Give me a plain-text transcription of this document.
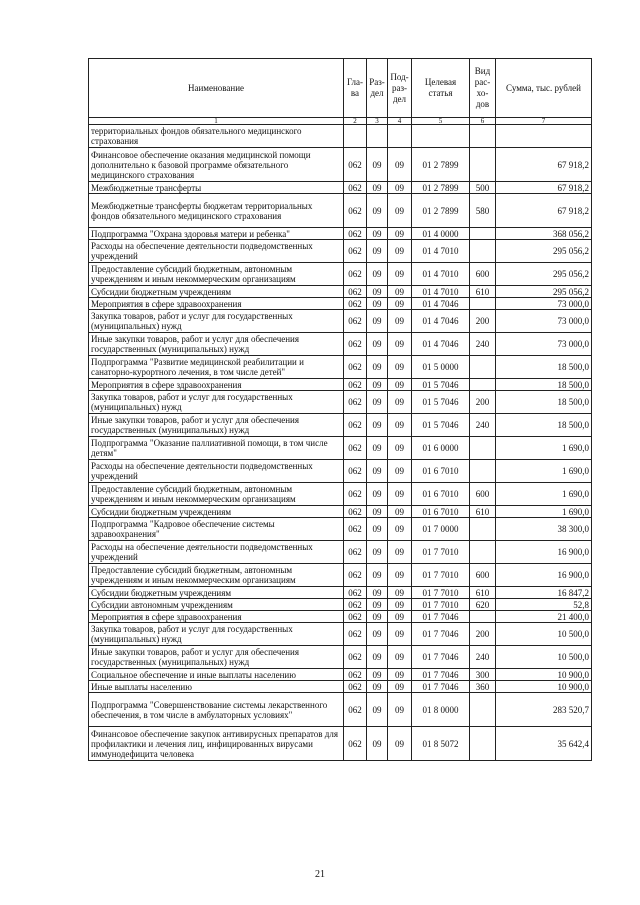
Наименование	Гла-ва	Раз-дел	Под-раз-дел	Целевая статья	Вид рас-хо-дов	Сумма, тыс. рублей
1	2	3	4	5	6	7
территориальных фондов обязательного медицинского страхования						
Финансовое обеспечение оказания медицинской помощи дополнительно к базовой программе обязательного медицинского страхования	062	09	09	01 2 7899		67 918,2
Межбюджетные трансферты	062	09	09	01 2 7899	500	67 918,2
Межбюджетные трансферты бюджетам территориальных фондов обязательного медицинского страхования	062	09	09	01 2 7899	580	67 918,2
Подпрограмма "Охрана здоровья матери и ребенка"	062	09	09	01 4 0000		368 056,2
Расходы на обеспечение деятельности подведомственных учреждений	062	09	09	01 4 7010		295 056,2
Предоставление субсидий бюджетным, автономным учреждениям и иным некоммерческим организациям	062	09	09	01 4 7010	600	295 056,2
Субсидии бюджетным учреждениям	062	09	09	01 4 7010	610	295 056,2
Мероприятия в сфере здравоохранения	062	09	09	01 4 7046		73 000,0
Закупка товаров, работ и услуг для государственных (муниципальных) нужд	062	09	09	01 4 7046	200	73 000,0
Иные закупки товаров, работ и услуг для обеспечения государственных (муниципальных) нужд	062	09	09	01 4 7046	240	73 000,0
Подпрограмма "Развитие медицинской реабилитации и санаторно-курортного лечения, в том числе детей"	062	09	09	01 5 0000		18 500,0
Мероприятия в сфере здравоохранения	062	09	09	01 5 7046		18 500,0
Закупка товаров, работ и услуг для государственных (муниципальных) нужд	062	09	09	01 5 7046	200	18 500,0
Иные закупки товаров, работ и услуг для обеспечения государственных (муниципальных) нужд	062	09	09	01 5 7046	240	18 500,0
Подпрограмма "Оказание паллиативной помощи, в том числе детям"	062	09	09	01 6 0000		1 690,0
Расходы на обеспечение деятельности подведомственных учреждений	062	09	09	01 6 7010		1 690,0
Предоставление субсидий бюджетным, автономным учреждениям и иным некоммерческим организациям	062	09	09	01 6 7010	600	1 690,0
Субсидии бюджетным учреждениям	062	09	09	01 6 7010	610	1 690,0
Подпрограмма "Кадровое обеспечение системы здравоохранения"	062	09	09	01 7 0000		38 300,0
Расходы на обеспечение деятельности подведомственных учреждений	062	09	09	01 7 7010		16 900,0
Предоставление субсидий бюджетным, автономным учреждениям и иным некоммерческим организациям	062	09	09	01 7 7010	600	16 900,0
Субсидии бюджетным учреждениям	062	09	09	01 7 7010	610	16 847,2
Субсидии автономным учреждениям	062	09	09	01 7 7010	620	52,8
Мероприятия в сфере здравоохранения	062	09	09	01 7 7046		21 400,0
Закупка товаров, работ и услуг для государственных (муниципальных) нужд	062	09	09	01 7 7046	200	10 500,0
Иные закупки товаров, работ и услуг для обеспечения государственных (муниципальных) нужд	062	09	09	01 7 7046	240	10 500,0
Социальное обеспечение и иные выплаты населению	062	09	09	01 7 7046	300	10 900,0
Иные выплаты населению	062	09	09	01 7 7046	360	10 900,0
Подпрограмма "Совершенствование системы лекарственного обеспечения, в том числе в амбулаторных условиях"	062	09	09	01 8 0000		283 520,7
Финансовое обеспечение закупок антивирусных препаратов для профилактики и лечения лиц, инфицированных вирусами иммунодефицита человека	062	09	09	01 8 5072		35 642,4
21
